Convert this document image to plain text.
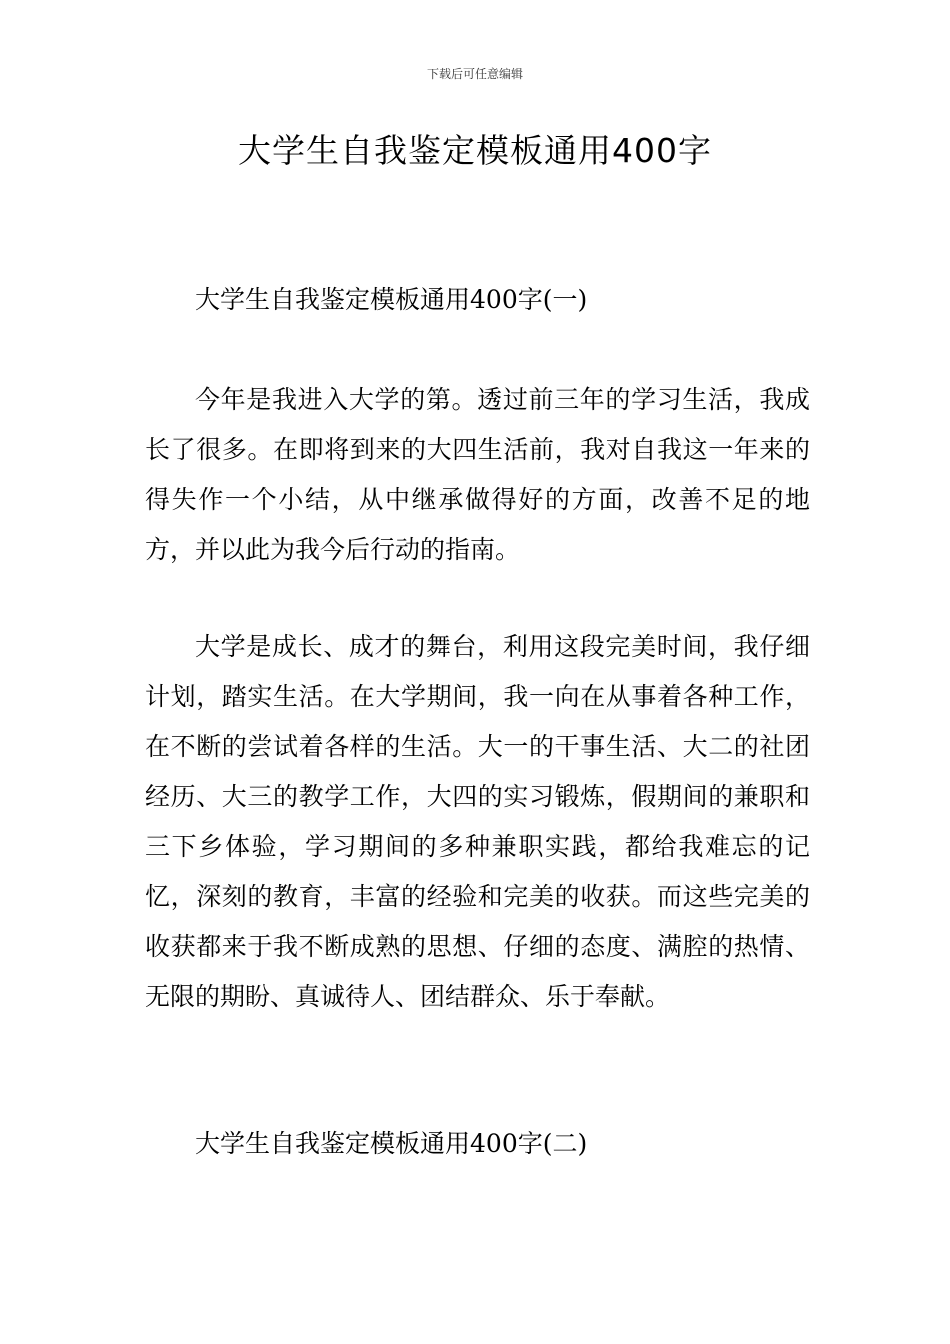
下载后可任意编辑
大学生自我鉴定模板通用400字

大学生自我鉴定模板通用400字(一)

今年是我进入大学的第。透过前三年的学习生活，我成长了很多。在即将到来的大四生活前，我对自我这一年来的得失作一个小结，从中继承做得好的方面，改善不足的地方，并以此为我今后行动的指南。

大学是成长、成才的舞台，利用这段完美时间，我仔细计划，踏实生活。在大学期间，我一向在从事着各种工作，在不断的尝试着各样的生活。大一的干事生活、大二的社团经历、大三的教学工作，大四的实习锻炼，假期间的兼职和三下乡体验，学习期间的多种兼职实践，都给我难忘的记忆，深刻的教育，丰富的经验和完美的收获。而这些完美的收获都来于我不断成熟的思想、仔细的态度、满腔的热情、无限的期盼、真诚待人、团结群众、乐于奉献。

大学生自我鉴定模板通用400字(二)
